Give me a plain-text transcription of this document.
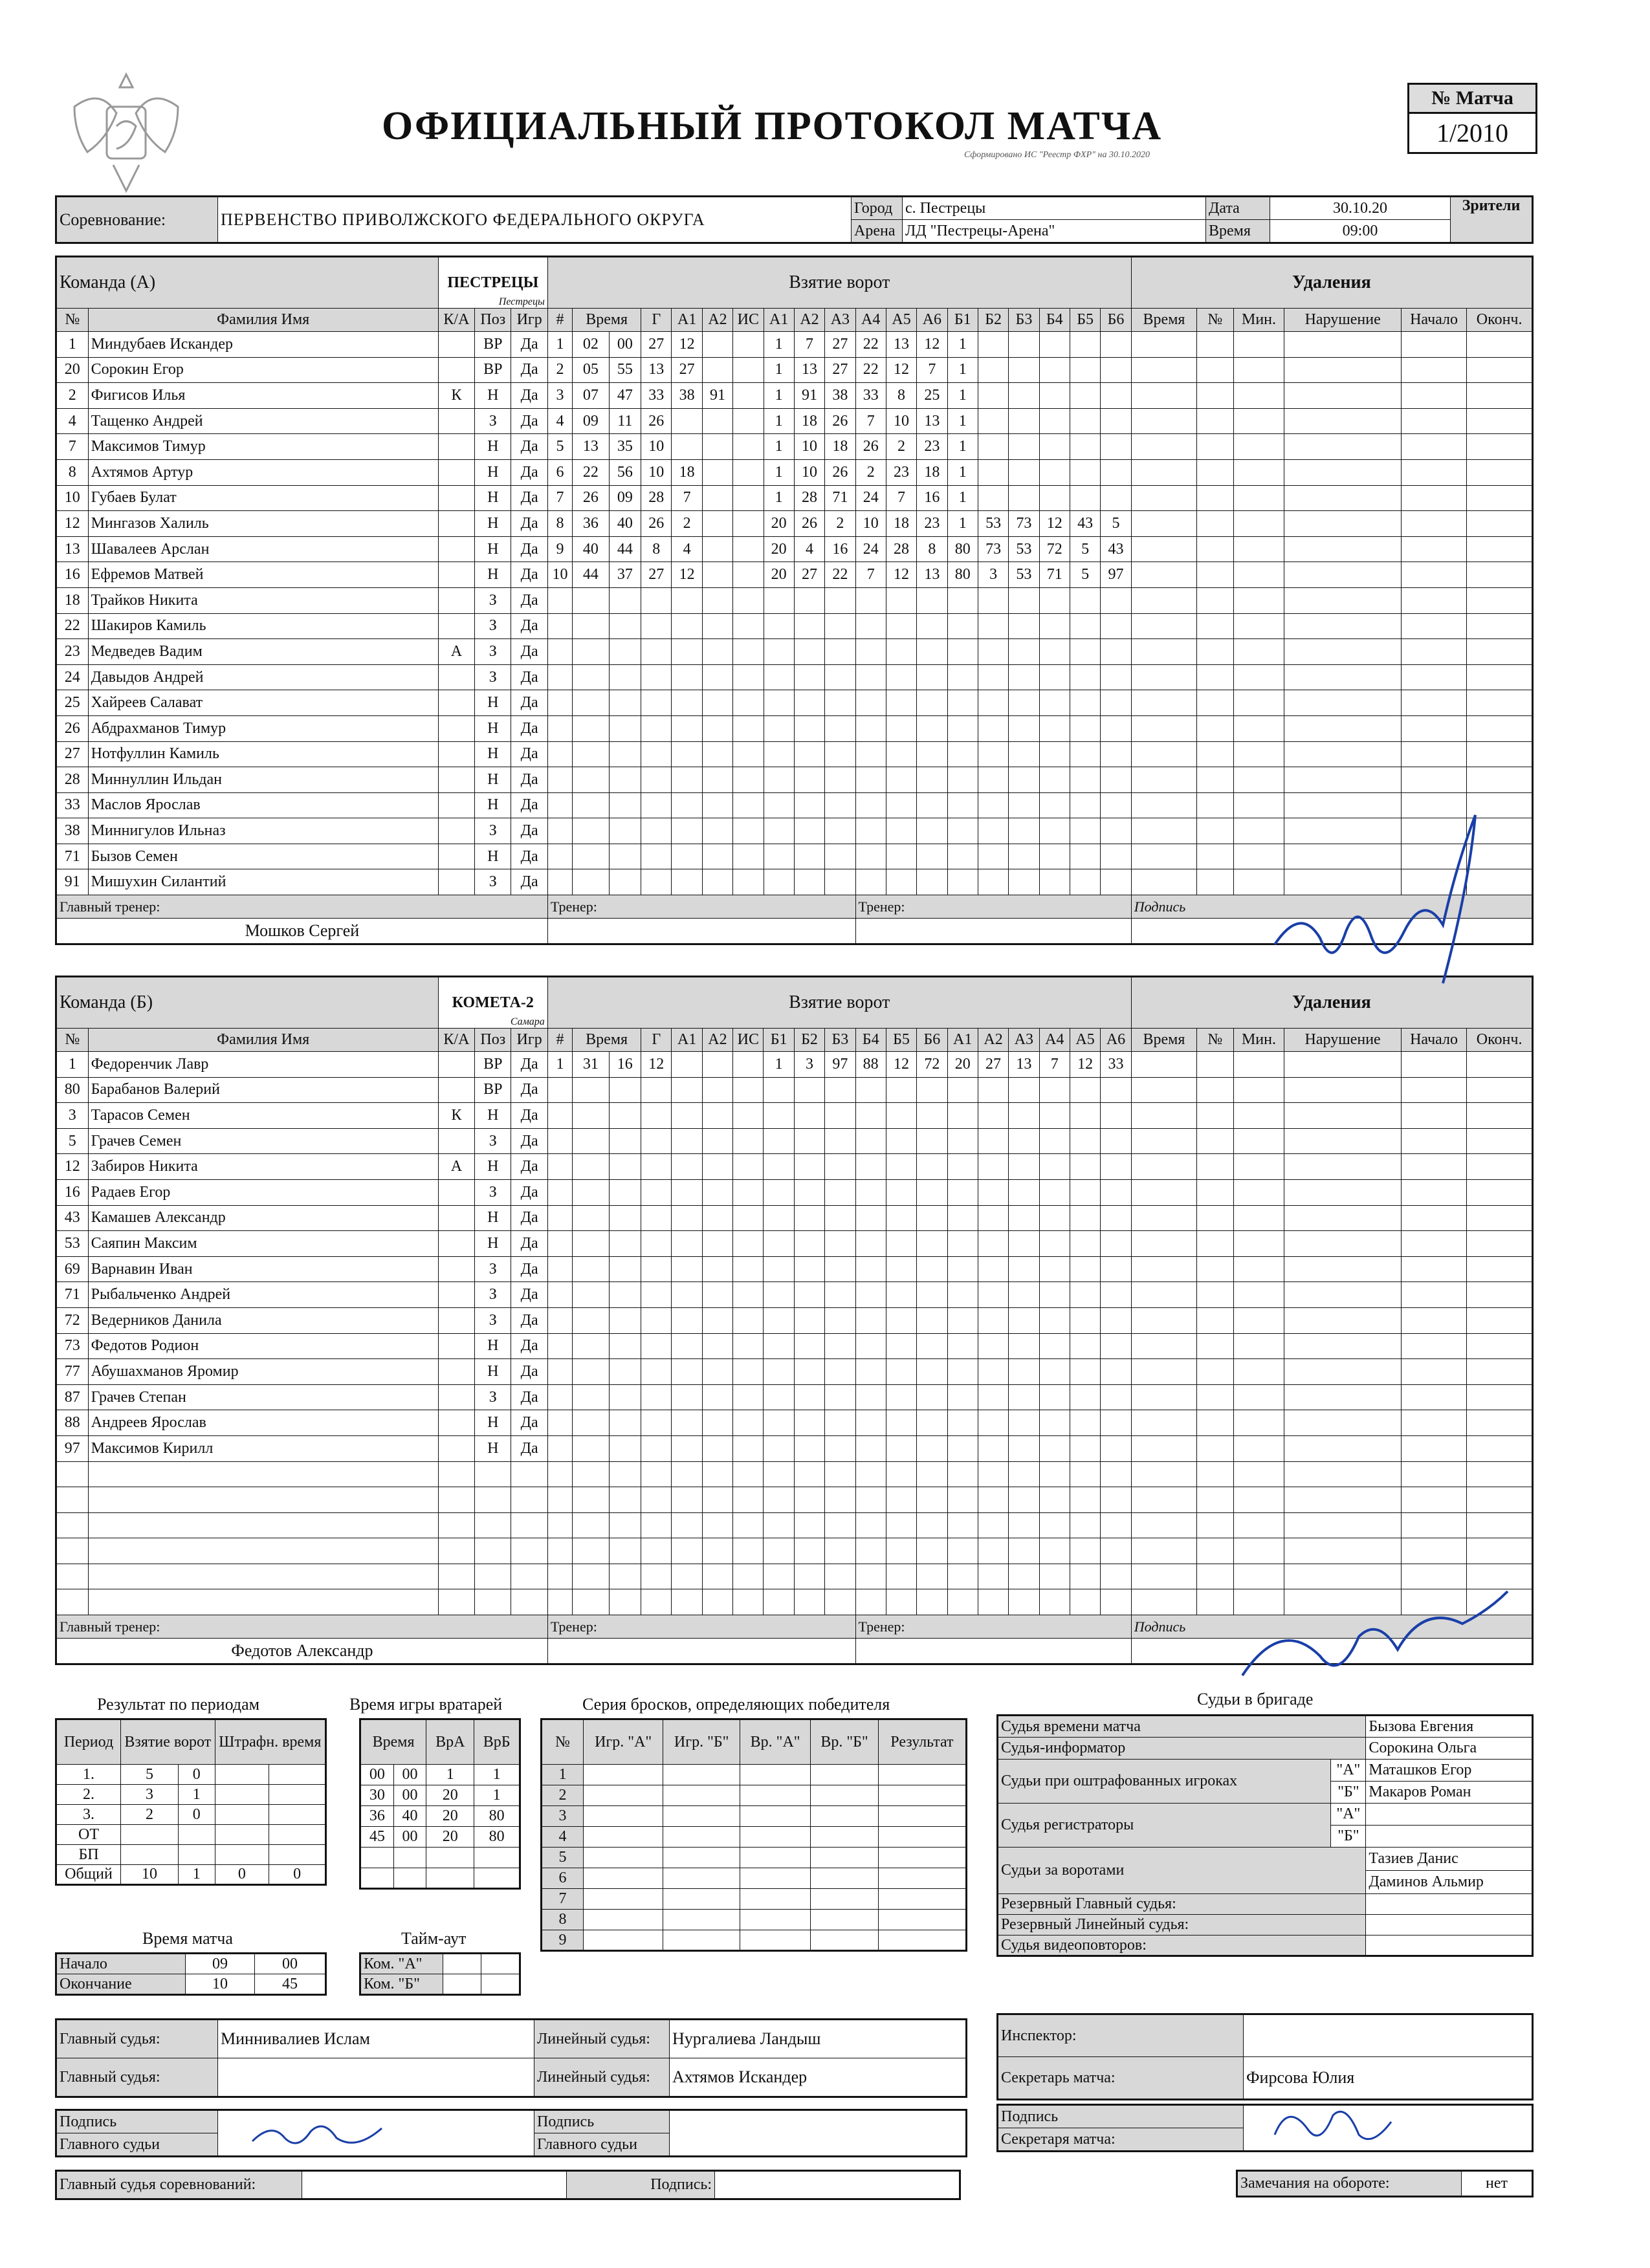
ОФИЦИАЛЬНЫЙ ПРОТОКОЛ МАТЧА
Сформировано ИС "Реестр ФХР" на 30.10.2020
№ Матча
1/2010
Соревнование:	ПЕРВЕНСТВО ПРИВОЛЖСКОГО ФЕДЕРАЛЬНОГО ОКРУГА	Город	с. Пестрецы	Дата	30.10.20	Зрители
		Арена	ЛД "Пестрецы-Арена"	Время	09:00	
Команда (А)		ПЕСТРЕЦЫ
Пестрецы			Взятие ворот																			Удаления					
№	Фамилия Имя	К/А	Поз	Игр	#	Время		Г	А1	А2	ИС	А1	А2	А3	А4	А5	А6	Б1	Б2	Б3	Б4	Б5	Б6	Время	№	Мин.	Нарушение	Начало	Оконч.
1	Миндубаев Искандер		ВР	Да	1	02	00	27	12			1	7	27	22	13	12	1											
20	Сорокин Егор		ВР	Да	2	05	55	13	27			1	13	27	22	12	7	1											
2	Фигисов Илья	К	Н	Да	3	07	47	33	38	91		1	91	38	33	8	25	1											
4	Тащенко Андрей		З	Да	4	09	11	26				1	18	26	7	10	13	1											
7	Максимов Тимур		Н	Да	5	13	35	10				1	10	18	26	2	23	1											
8	Ахтямов Артур		Н	Да	6	22	56	10	18			1	10	26	2	23	18	1											
10	Губаев Булат		Н	Да	7	26	09	28	7			1	28	71	24	7	16	1											
12	Мингазов Халиль		Н	Да	8	36	40	26	2			20	26	2	10	18	23	1	53	73	12	43	5						
13	Шавалеев Арслан		Н	Да	9	40	44	8	4			20	4	16	24	28	8	80	73	53	72	5	43						
16	Ефремов Матвей		Н	Да	10	44	37	27	12			20	27	22	7	12	13	80	3	53	71	5	97						
18	Трайков Никита		З	Да																									
22	Шакиров Камиль		З	Да																									
23	Медведев Вадим	А	З	Да																									
24	Давыдов Андрей		З	Да																									
25	Хайреев Салават		Н	Да																									
26	Абдрахманов Тимур		Н	Да																									
27	Нотфуллин Камиль		Н	Да																									
28	Миннуллин Ильдан		Н	Да																									
33	Маслов Ярослав		Н	Да																									
38	Миннигулов Ильназ		З	Да																									
71	Бызов Семен		Н	Да																									
91	Мишухин Силантий		З	Да																									
Главный тренер:					Тренер:										Тренер:									Подпись					
Мошков Сергей																													
Команда (Б)		КОМЕТА-2
Самара			Взятие ворот																			Удаления					
№	Фамилия Имя	К/А	Поз	Игр	#	Время		Г	А1	А2	ИС	Б1	Б2	Б3	Б4	Б5	Б6	А1	А2	А3	А4	А5	А6	Время	№	Мин.	Нарушение	Начало	Оконч.
1	Федоренчик Лавр		ВР	Да	1	31	16	12				1	3	97	88	12	72	20	27	13	7	12	33						
80	Барабанов Валерий		ВР	Да																									
3	Тарасов Семен	К	Н	Да																									
5	Грачев Семен		З	Да																									
12	Забиров Никита	А	Н	Да																									
16	Радаев Егор		З	Да																									
43	Камашев Александр		Н	Да																									
53	Саяпин Максим		Н	Да																									
69	Варнавин Иван		З	Да																									
71	Рыбальченко Андрей		З	Да																									
72	Ведерников Данила		З	Да																									
73	Федотов Родион		Н	Да																									
77	Абушахманов Яромир		Н	Да																									
87	Грачев Степан		З	Да																									
88	Андреев Ярослав		Н	Да																									
97	Максимов Кирилл		Н	Да																									

Главный тренер:					Тренер:										Тренер:									Подпись					
Федотов Александр																													
Результат по периодам
Период	Взятие ворот		Штрафн. время	
1.	5	0		
2.	3	1		
3.	2	0		
ОТ				
БП				
Общий	10	1	0	0
Время игры вратарей
Время		ВрА	ВрБ
00	00	1	1
30	00	20	1
36	40	20	80
45	00	20	80

Время матча
Начало	09	00
Окончание	10	45
Тайм-аут
Ком. "А"		
Ком. "Б"		
Серия бросков, определяющих победителя
№	Игр. "А"	Игр. "Б"	Вр. "А"	Вр. "Б"	Результат
1					
2					
3					
4					
5					
6					
7					
8					
9					
Судьи в бригаде
Судья времени матча		Бызова Евгения
Судья-информатор		Сорокина Ольга
Судьи при оштрафованных игроках	"А"	Маташков Егор
	"Б"	Макаров Роман
Судья регистраторы	"А"	
	"Б"	
Судьи за воротами		Тазиев Данис
		Даминов Альмир
Резервный Главный судья:		
Резервный Линейный судья:		
Судья видеоповторов:		
Главный судья:	Миннивалиев Ислам	Линейный судья:	Нургалиева Ландыш
Главный судья:		Линейный судья:	Ахтямов Искандер
Инспектор:	
Секретарь матча:	Фирсова Юлия
Подпись		Подпись	
Главного судьи		Главного судьи	
Подпись	
Секретаря матча:
Главный судья соревнований:		Подпись:		Замечания на обороте:	нет
